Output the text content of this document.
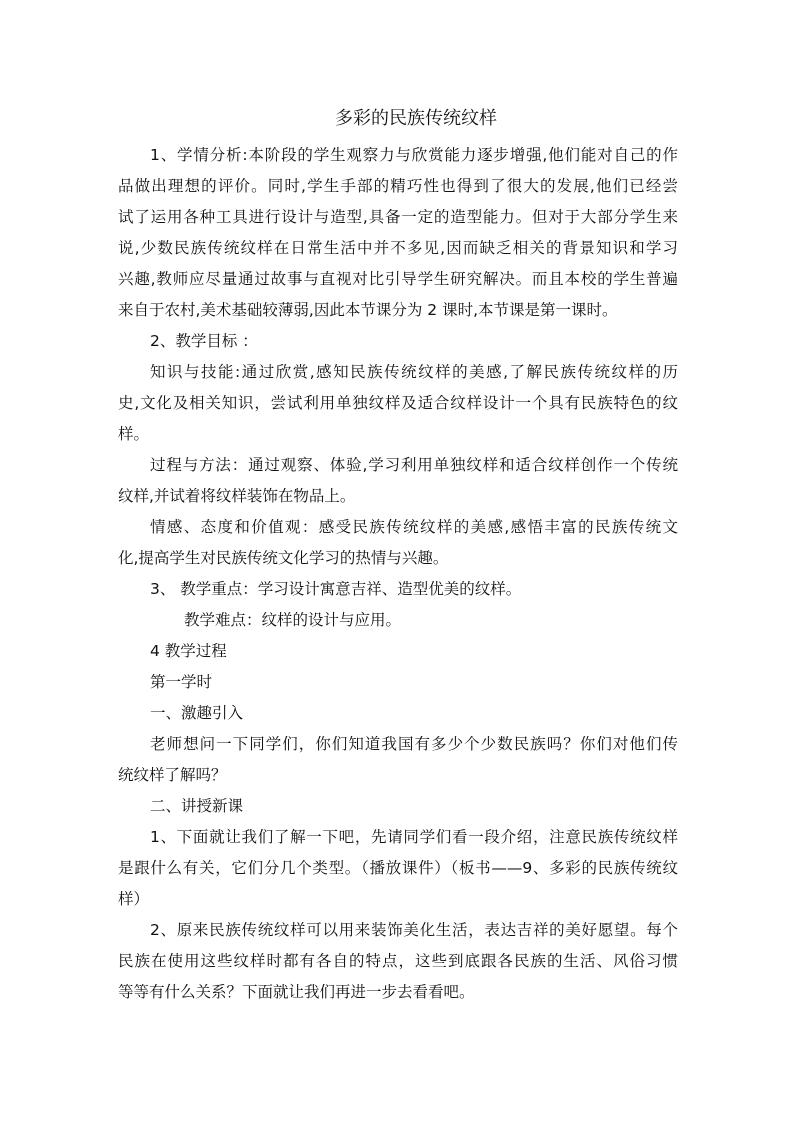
多彩的民族传统纹样
1、学情分析:本阶段的学生观察力与欣赏能力逐步增强,他们能对自己的作
品做出理想的评价。同时,学生手部的精巧性也得到了很大的发展,他们已经尝
试了运用各种工具进行设计与造型,具备一定的造型能力。但对于大部分学生来
说,少数民族传统纹样在日常生活中并不多见,因而缺乏相关的背景知识和学习
兴趣,教师应尽量通过故事与直视对比引导学生研究解决。而且本校的学生普遍
来自于农村,美术基础较薄弱,因此本节课分为 2 课时,本节课是第一课时。
2、教学目标 ：
知识与技能:通过欣赏,感知民族传统纹样的美感,了解民族传统纹样的历
史,文化及相关知识，尝试利用单独纹样及适合纹样设计一个具有民族特色的纹
样。
过程与方法：通过观察、体验,学习利用单独纹样和适合纹样创作一个传统
纹样,并试着将纹样装饰在物品上。
情感、态度和价值观：感受民族传统纹样的美感,感悟丰富的民族传统文
化,提高学生对民族传统文化学习的热情与兴趣。
3、 教学重点：学习设计寓意吉祥、造型优美的纹样。
教学难点：纹样的设计与应用。
4 教学过程
第一学时
一、激趣引入
老师想问一下同学们，你们知道我国有多少个少数民族吗？你们对他们传
统纹样了解吗？
二、讲授新课
1、下面就让我们了解一下吧，先请同学们看一段介绍，注意民族传统纹样
是跟什么有关，它们分几个类型。（播放课件）（板书——9、多彩的民族传统纹
样）
2、原来民族传统纹样可以用来装饰美化生活，表达吉祥的美好愿望。每个
民族在使用这些纹样时都有各自的特点，这些到底跟各民族的生活、风俗习惯
等等有什么关系？下面就让我们再进一步去看看吧。
